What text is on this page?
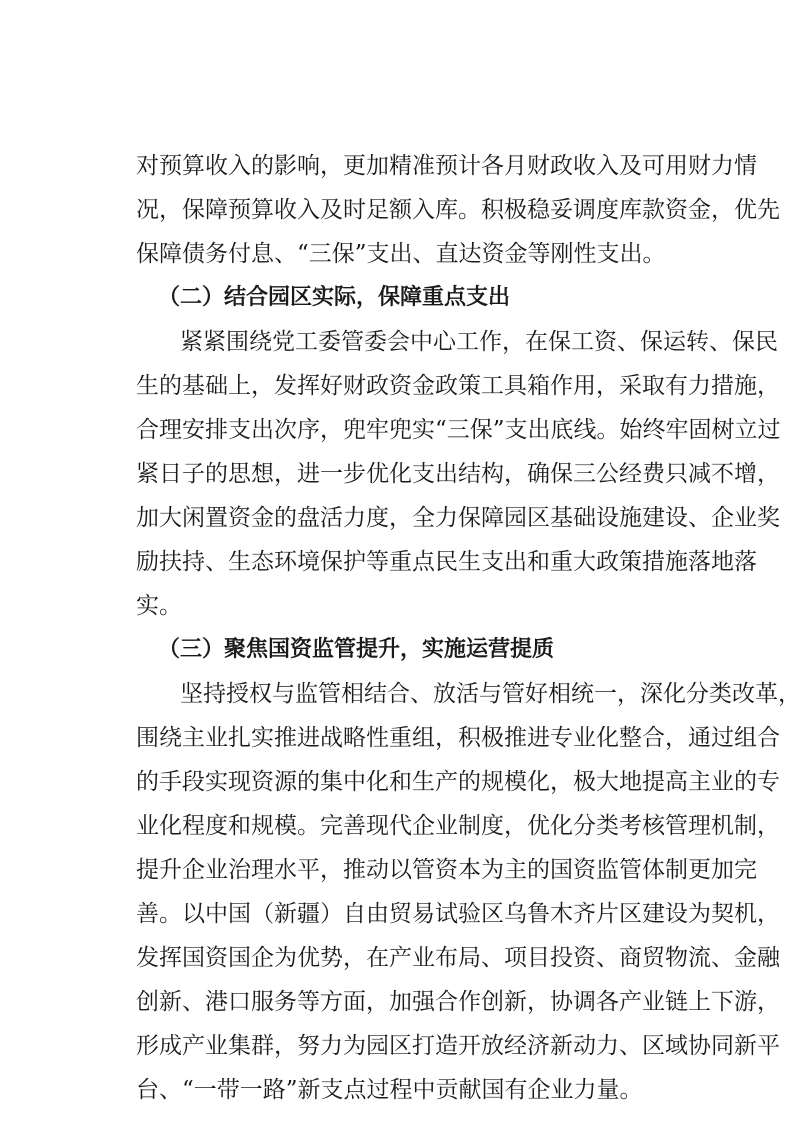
对预算收入的影响，更加精准预计各月财政收入及可用财力情
况，保障预算收入及时足额入库。积极稳妥调度库款资金，优先
保障债务付息、“三保”支出、直达资金等刚性支出。
（二）结合园区实际，保障重点支出
紧紧围绕党工委管委会中心工作，在保工资、保运转、保民
生的基础上，发挥好财政资金政策工具箱作用，采取有力措施，
合理安排支出次序，兜牢兜实“三保”支出底线。始终牢固树立过
紧日子的思想，进一步优化支出结构，确保三公经费只减不增，
加大闲置资金的盘活力度，全力保障园区基础设施建设、企业奖
励扶持、生态环境保护等重点民生支出和重大政策措施落地落
实。
（三）聚焦国资监管提升，实施运营提质
坚持授权与监管相结合、放活与管好相统一，深化分类改革，
围绕主业扎实推进战略性重组，积极推进专业化整合，通过组合
的手段实现资源的集中化和生产的规模化，极大地提高主业的专
业化程度和规模。完善现代企业制度，优化分类考核管理机制，
提升企业治理水平，推动以管资本为主的国资监管体制更加完
善。以中国（新疆）自由贸易试验区乌鲁木齐片区建设为契机，
发挥国资国企为优势，在产业布局、项目投资、商贸物流、金融
创新、港口服务等方面，加强合作创新，协调各产业链上下游，
形成产业集群，努力为园区打造开放经济新动力、区域协同新平
台、“一带一路”新支点过程中贡献国有企业力量。
